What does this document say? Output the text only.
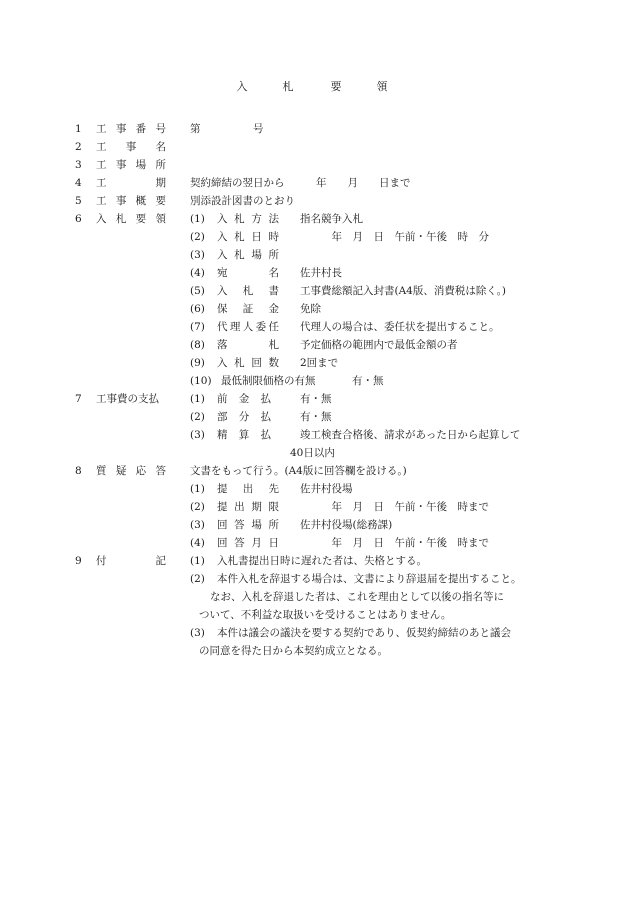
入	札	要	領
1 工 事 番 号 第　　　　　号
2 工 事 名
3 工 事 場 所
4 工	期 契約締結の翌日から　　　年　　月　　日まで
5 工 事 概 要 別添設計図書のとおり
6 入 札 要 領 (1)	入 札 方 法 指名競争入札
(2)	入 札 日 時 　　　年　月　日　午前・午後　時　分
(3)	入 札 場 所
(4)	宛	名 佐井村長
(5)	入 札 書 工事費総額記入封書(A4版、消費税は除く。)
(6)	保 証 金 免除
(7)	代 理 人 委 任 代理人の場合は、委任状を提出すること。
(8)	落	札 予定価格の範囲内で最低金額の者
(9)	入 札 回 数 2回まで
(10) 最低制限価格の有無	有・無
7 工事費の支払	(1)	前 金 払	有・無
(2)	部 分 払	有・無
(3)	精 算 払	竣工検査合格後、請求があった日から起算して
40日以内
8 質 疑 応 答 文書をもって行う。(A4版に回答欄を設ける。)
(1)	提 出 先 佐井村役場
(2)	提 出 期 限 　　　年　月　日　午前・午後　時まで
(3)	回 答 場 所 佐井村役場(総務課)
(4)	回 答 月 日 　　　年　月　日　午前・午後　時まで
9 付	記 (1)	入札書提出日時に遅れた者は、失格とする。
(2)	本件入札を辞退する場合は、文書により辞退届を提出すること。
なお、入札を辞退した者は、これを理由として以後の指名等に
ついて、不利益な取扱いを受けることはありません。
(3)	本件は議会の議決を要する契約であり、仮契約締結のあと議会
の同意を得た日から本契約成立となる。
